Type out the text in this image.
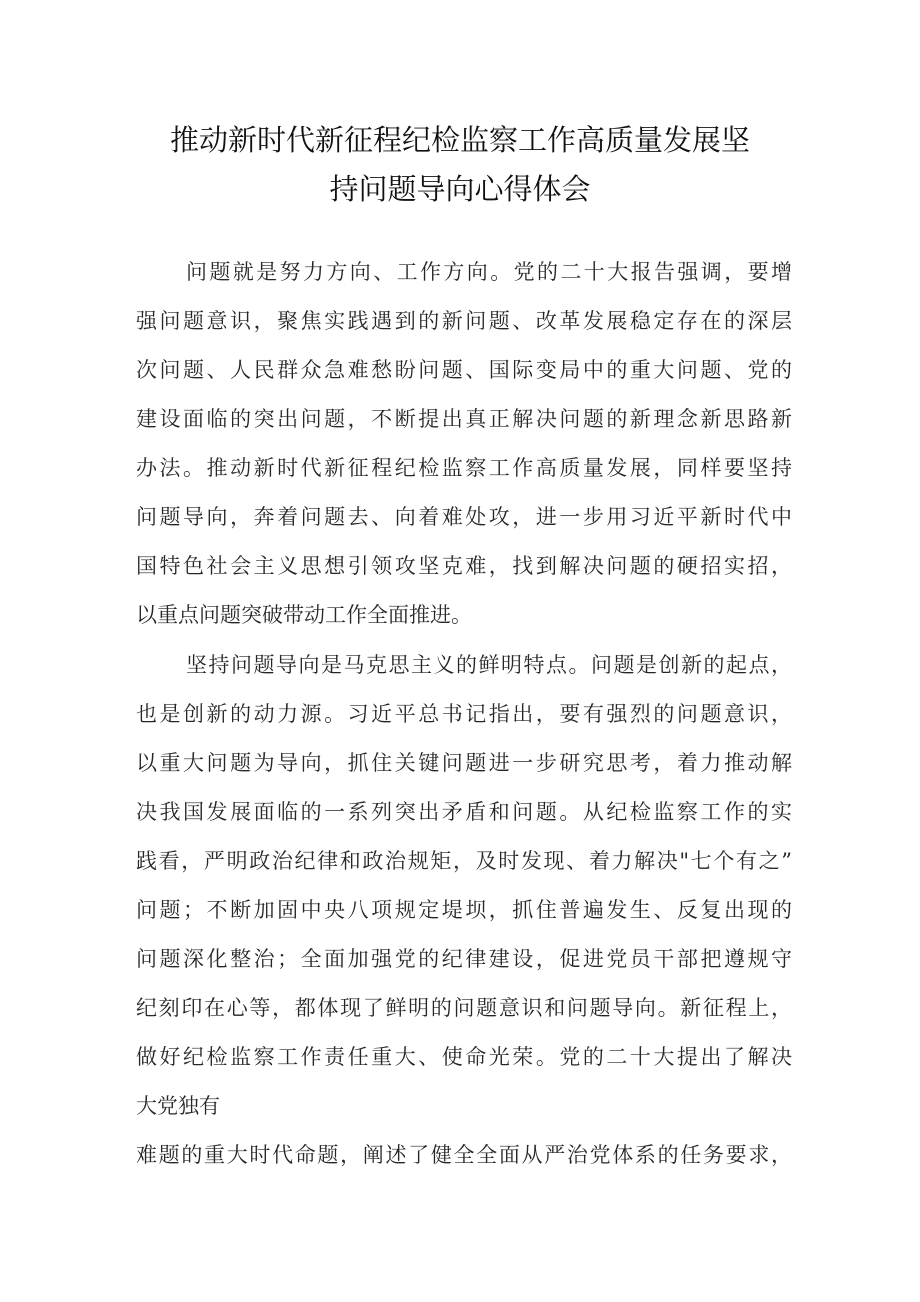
推动新时代新征程纪检监察工作高质量发展坚
持问题导向心得体会
问题就是努力方向、工作方向。党的二十大报告强调，要增
强问题意识，聚焦实践遇到的新问题、改革发展稳定存在的深层
次问题、人民群众急难愁盼问题、国际变局中的重大问题、党的
建设面临的突出问题，不断提出真正解决问题的新理念新思路新
办法。推动新时代新征程纪检监察工作高质量发展，同样要坚持
问题导向，奔着问题去、向着难处攻，进一步用习近平新时代中
国特色社会主义思想引领攻坚克难，找到解决问题的硬招实招，
以重点问题突破带动工作全面推进。
坚持问题导向是马克思主义的鲜明特点。问题是创新的起点，
也是创新的动力源。习近平总书记指出，要有强烈的问题意识，
以重大问题为导向，抓住关键问题进一步研究思考，着力推动解
决我国发展面临的一系列突出矛盾和问题。从纪检监察工作的实
践看，严明政治纪律和政治规矩，及时发现、着力解决"七个有之”
问题；不断加固中央八项规定堤坝，抓住普遍发生、反复出现的
问题深化整治；全面加强党的纪律建设，促进党员干部把遵规守
纪刻印在心等，都体现了鲜明的问题意识和问题导向。新征程上，
做好纪检监察工作责任重大、使命光荣。党的二十大提出了解决
大党独有
难题的重大时代命题，阐述了健全全面从严治党体系的任务要求，
